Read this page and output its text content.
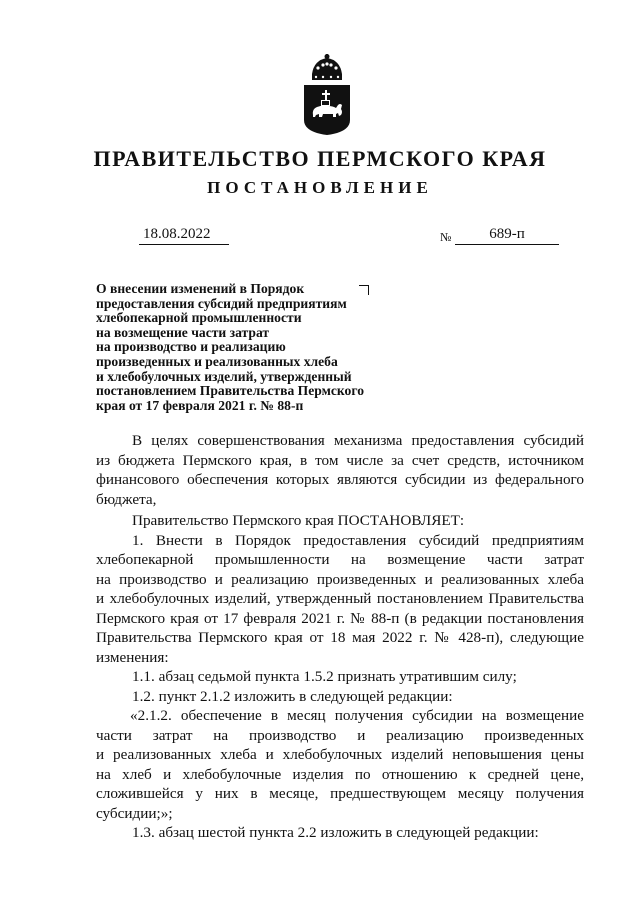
ПРАВИТЕЛЬСТВО ПЕРМСКОГО КРАЯ
ПОСТАНОВЛЕНИЕ
18.08.2022	№	689-п
О внесении изменений в Порядок
предоставления субсидий предприятиям
хлебопекарной промышленности
на возмещение части затрат
на производство и реализацию
произведенных и реализованных хлеба
и хлебобулочных изделий, утвержденный
постановлением Правительства Пермского
края от 17 февраля 2021 г. № 88-п
В целях совершенствования механизма предоставления субсидий
из бюджета Пермского края, в том числе за счет средств, источником
финансового обеспечения которых являются субсидии из федерального
бюджета,
Правительство Пермского края ПОСТАНОВЛЯЕТ:
1. Внести в Порядок предоставления субсидий предприятиям
хлебопекарной промышленности на возмещение части затрат
на производство и реализацию произведенных и реализованных хлеба
и хлебобулочных изделий, утвержденный постановлением Правительства
Пермского края от 17 февраля 2021 г. № 88-п (в редакции постановления
Правительства Пермского края от 18 мая 2022 г. № 428-п), следующие
изменения:
1.1. абзац седьмой пункта 1.5.2 признать утратившим силу;
1.2. пункт 2.1.2 изложить в следующей редакции:
«2.1.2. обеспечение в месяц получения субсидии на возмещение
части затрат на производство и реализацию произведенных
и реализованных хлеба и хлебобулочных изделий неповышения цены
на хлеб и хлебобулочные изделия по отношению к средней цене,
сложившейся у них в месяце, предшествующем месяцу получения
субсидии;»;
1.3. абзац шестой пункта 2.2 изложить в следующей редакции:
